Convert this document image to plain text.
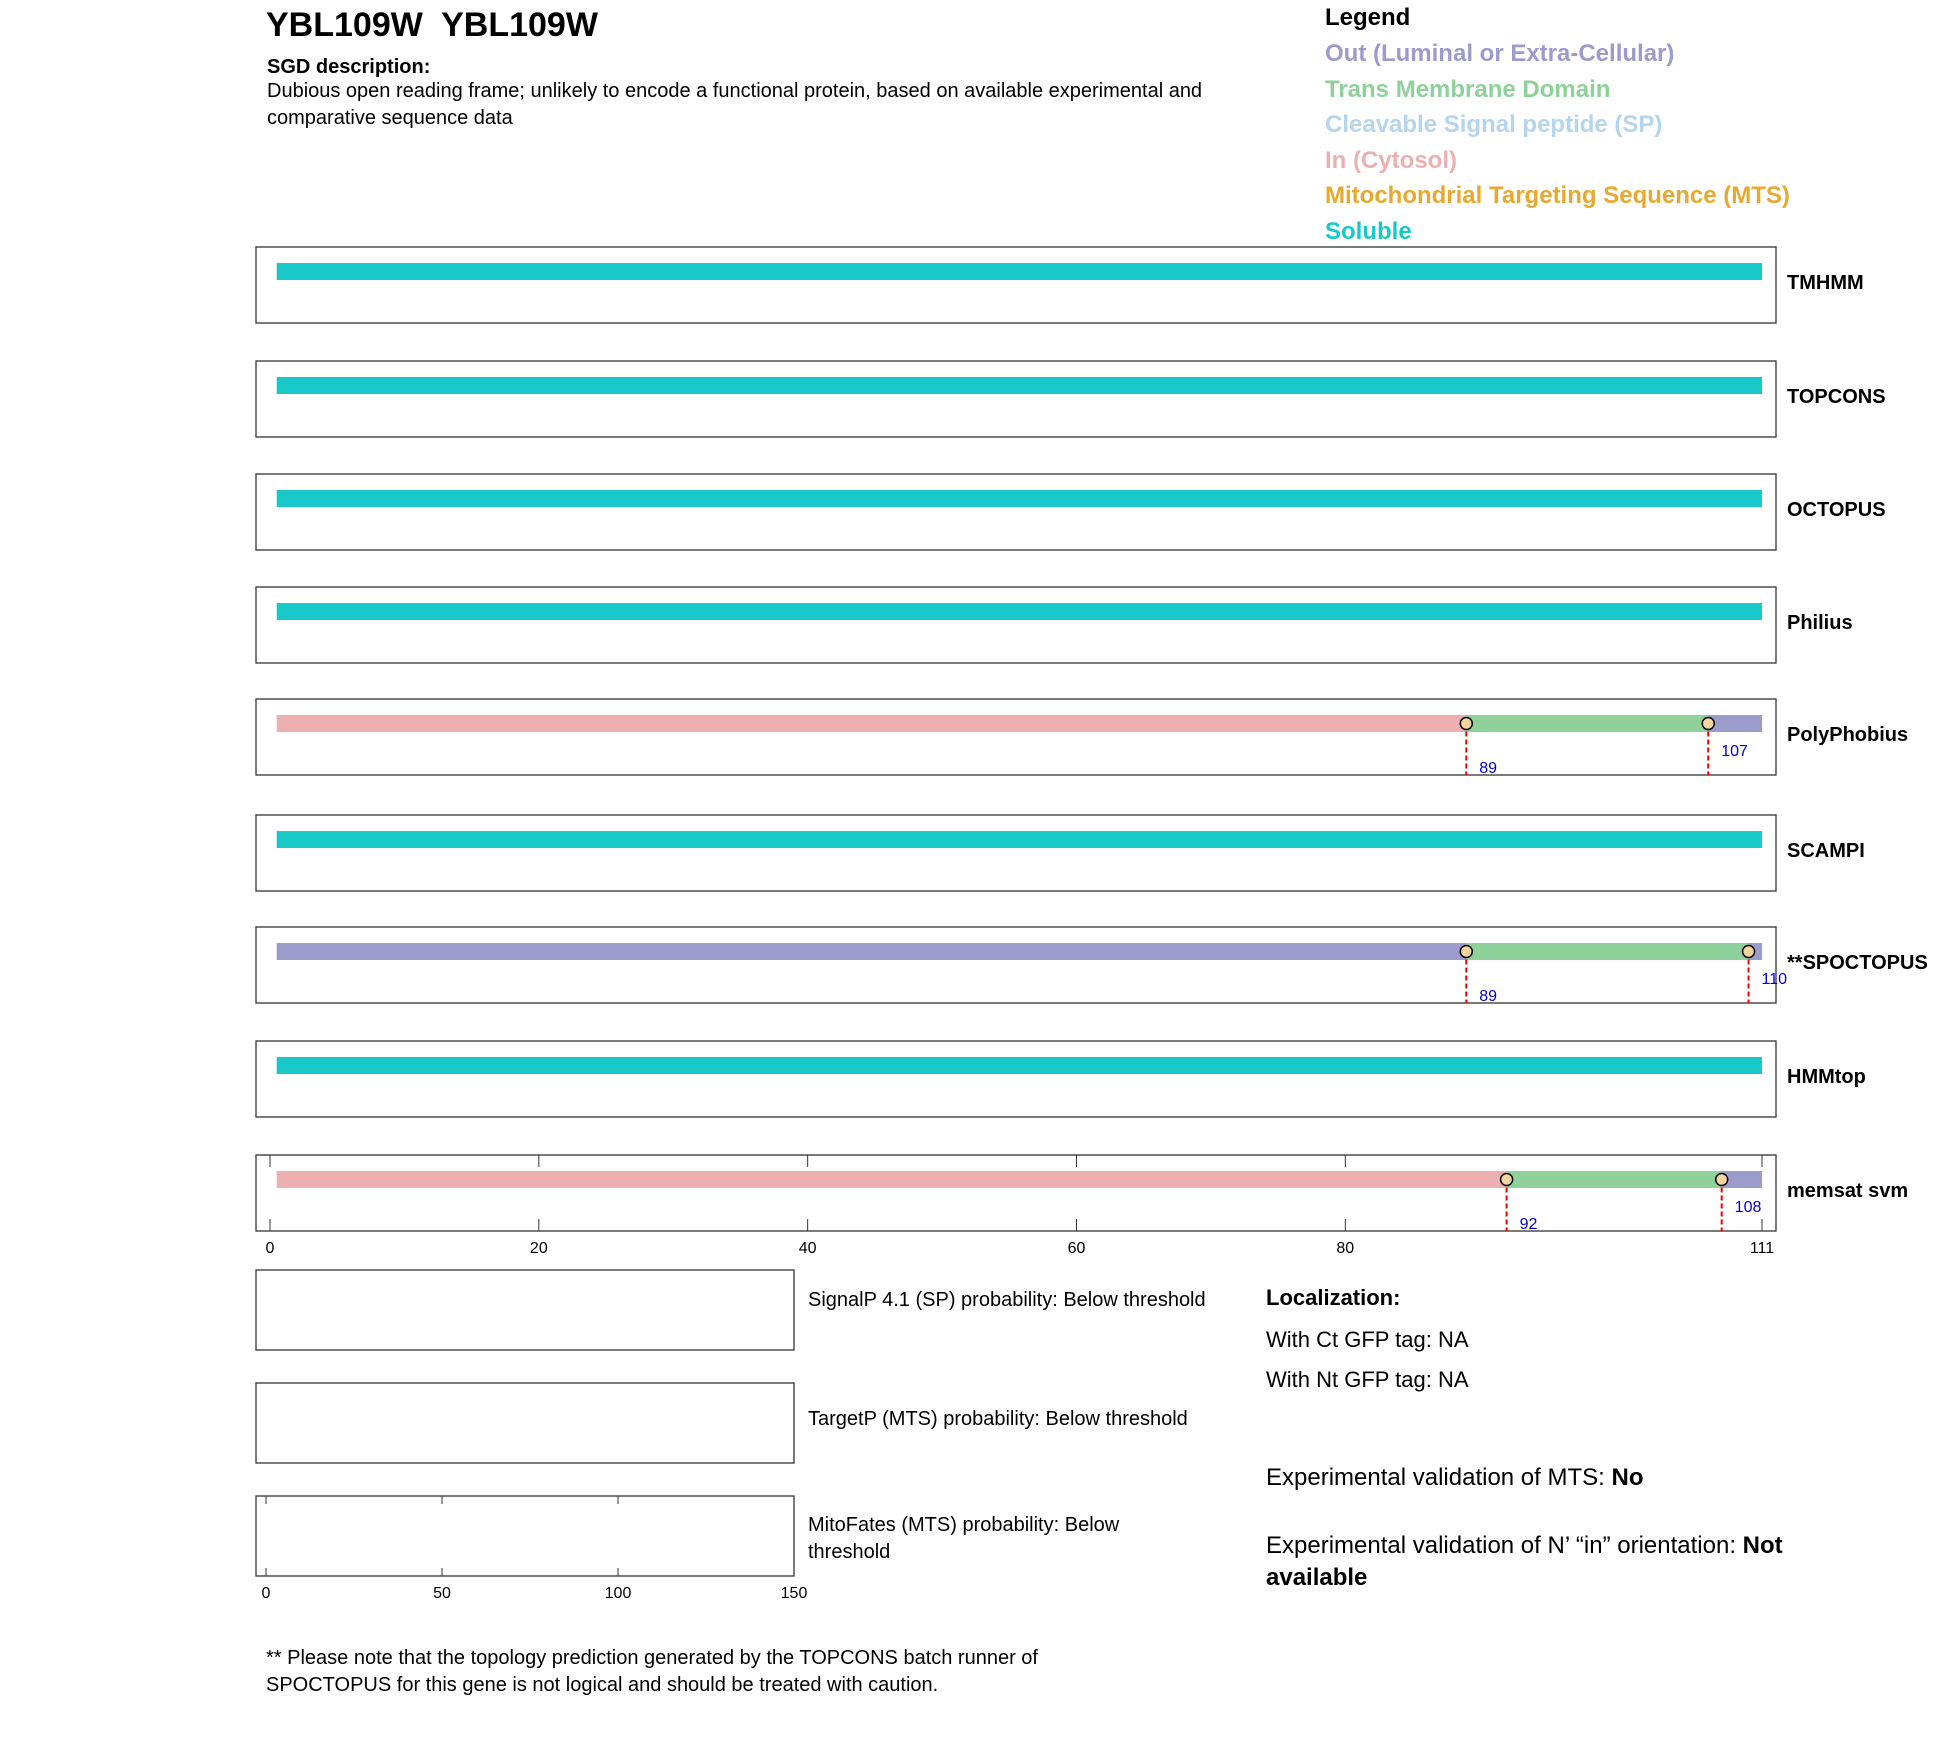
YBL109W  YBL109W
SGD description:
Dubious open reading frame; unlikely to encode a functional protein, based on available experimental and comparative sequence data
Legend
Out (Luminal or Extra-Cellular)
Trans Membrane Domain
Cleavable Signal peptide (SP)
In (Cytosol)
Mitochondrial Targeting Sequence (MTS)
Soluble
TMHMM
TOPCONS
OCTOPUS
Philius
89
107
PolyPhobius
SCAMPI
89
110
**SPOCTOPUS
HMMtop
92
108
memsat svm
0	20	40	60	80	111
0	50	100	150
SignalP 4.1 (SP) probability: Below threshold
TargetP (MTS) probability: Below threshold
MitoFates (MTS) probability: Below threshold
Localization:
With Ct GFP tag: NA
With Nt GFP tag: NA
Experimental validation of MTS: No
Experimental validation of N’ “in” orientation: Not available
** Please note that the topology prediction generated by the TOPCONS batch runner of SPOCTOPUS for this gene is not logical and should be treated with caution.
